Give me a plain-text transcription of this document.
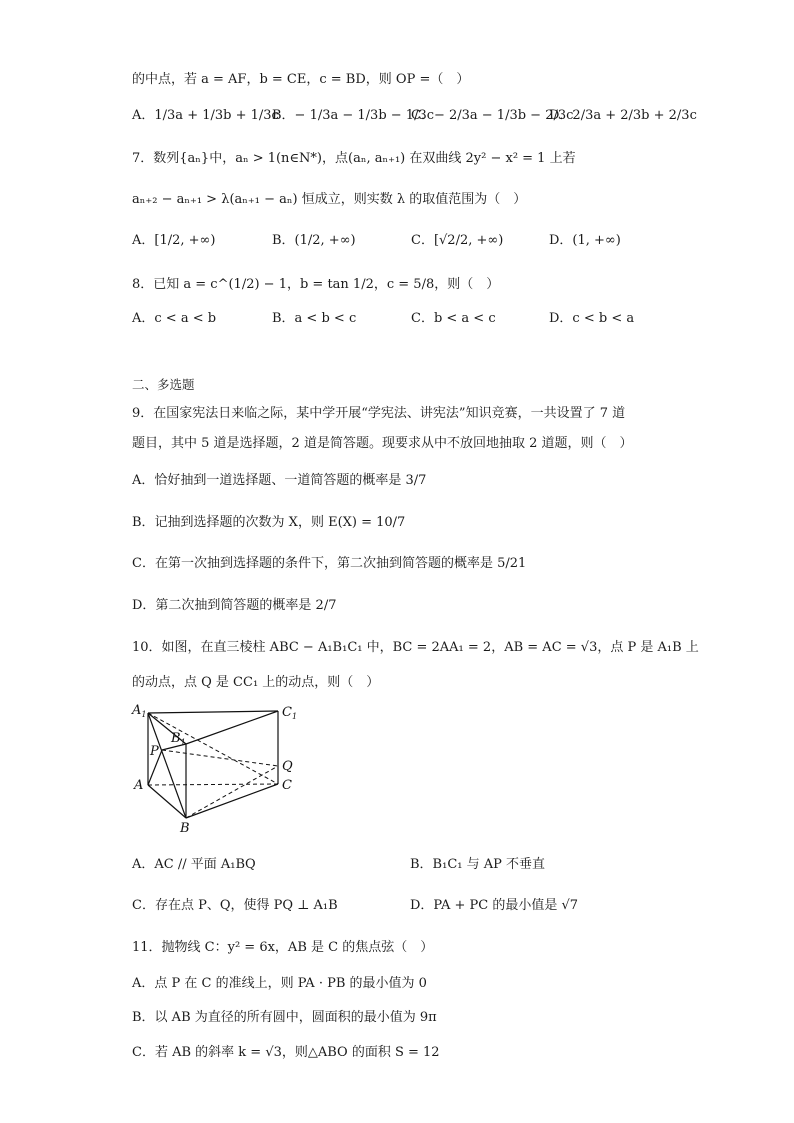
的中点，若 a = AF，b = CE，c = BD，则 OP =（　）
A．1/3a + 1/3b + 1/3c
B．− 1/3a − 1/3b − 1/3c
C．− 2/3a − 1/3b − 2/3c
D．2/3a + 2/3b + 2/3c
7．数列{aₙ}中，aₙ > 1(n∈N*)，点(aₙ, aₙ₊₁) 在双曲线 2y² − x² = 1 上若
aₙ₊₂ − aₙ₊₁ > λ(aₙ₊₁ − aₙ) 恒成立，则实数 λ 的取值范围为（　）
A．[1/2, +∞)	B．(1/2, +∞)	C．[√2/2, +∞)	D．(1, +∞)
8．已知 a = c^(1/2) − 1，b = tan 1/2，c = 5/8，则（　）
A．c < a < b	B．a < b < c	C．b < a < c	D．c < b < a
二、多选题
9．在国家宪法日来临之际，某中学开展“学宪法、讲宪法”知识竞赛，一共设置了 7 道
题目，其中 5 道是选择题，2 道是简答题。现要求从中不放回地抽取 2 道题，则（　）
A．恰好抽到一道选择题、一道简答题的概率是 3/7
B．记抽到选择题的次数为 X，则 E(X) = 10/7
C．在第一次抽到选择题的条件下，第二次抽到简答题的概率是 5/21
D．第二次抽到简答题的概率是 2/7
10．如图，在直三棱柱 ABC − A₁B₁C₁ 中，BC = 2AA₁ = 2，AB = AC = √3，点 P 是 A₁B 上
的动点，点 Q 是 CC₁ 上的动点，则（　）
$A_1$	$C_1$
$B_1$
P
Q
A	C
B
A．AC // 平面 A₁BQ	B．B₁C₁ 与 AP 不垂直
C．存在点 P、Q，使得 PQ ⊥ A₁B	D．PA + PC 的最小值是 √7
11．抛物线 C：y² = 6x，AB 是 C 的焦点弦（　）
A．点 P 在 C 的准线上，则 PA · PB 的最小值为 0
B．以 AB 为直径的所有圆中，圆面积的最小值为 9π
C．若 AB 的斜率 k = √3，则△ABO 的面积 S = 12
